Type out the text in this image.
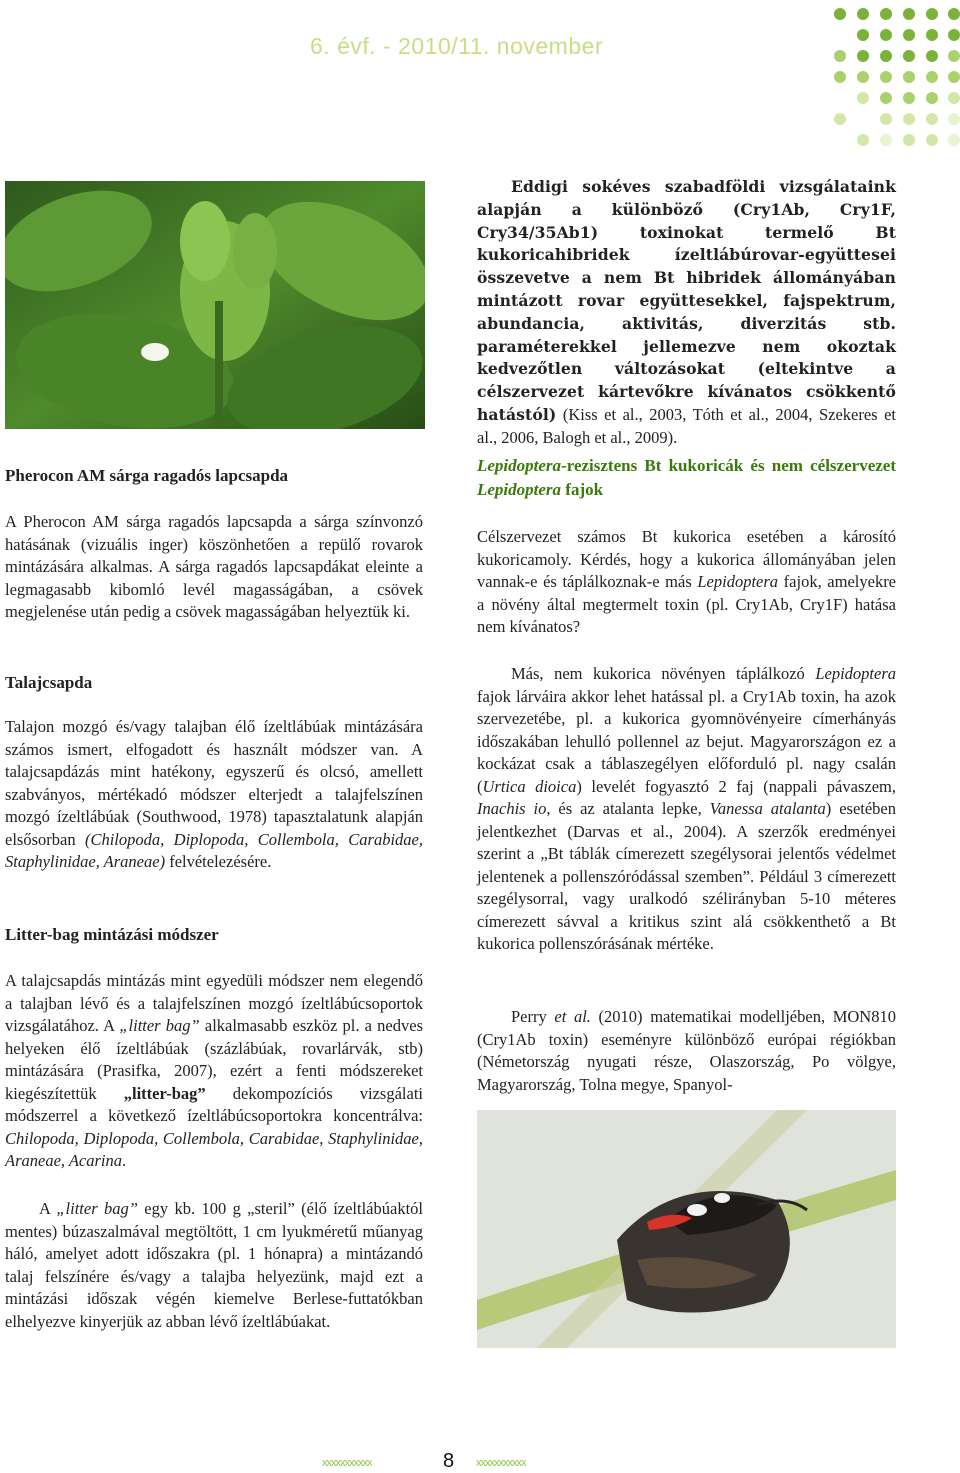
6. évf. - 2010/11. november
Pherocon AM sárga ragadós lapcsapda

A Pherocon AM sárga ragadós lapcsapda a sárga színvonzó hatásának (vizuális inger) köszönhetően a repülő rovarok mintázására alkalmas. A sárga ragadós lapcsapdákat eleinte a legmagasabb kibomló levél magasságában, a csövek megjelenése után pedig a csövek magasságában helyeztük ki.

Talajcsapda

Talajon mozgó és/vagy talajban élő ízeltlábúak mintázására számos ismert, elfogadott és használt módszer van. A talajcsapdázás mint hatékony, egyszerű és olcsó, amellett szabványos, mértékadó módszer elterjedt a talajfelszínen mozgó ízeltlábúak (Southwood, 1978) tapasztalatunk alapján elsősorban (Chilopoda, Diplopoda, Collembola, Carabidae, Staphylinidae, Araneae) felvételezésére.

Litter-bag mintázási módszer

A talajcsapdás mintázás mint egyedüli módszer nem elegendő a talajban lévő és a talajfelszínen mozgó ízeltlábúcsoportok vizsgálatához. A „litter bag” alkalmasabb eszköz pl. a nedves helyeken élő ízeltlábúak (százlábúak, rovarlárvák, stb) mintázására (Prasifka, 2007), ezért a fenti módszereket kiegészítettük „litter-bag” dekompozíciós vizsgálati módszerrel a következő ízeltlábúcsoportokra koncentrálva: Chilopoda, Diplopoda, Collembola, Carabidae, Staphylinidae, Araneae, Acarina.

A „litter bag” egy kb. 100 g „steril” (élő ízeltlábúaktól mentes) búzaszalmával megtöltött, 1 cm lyukméretű műanyag háló, amelyet adott időszakra (pl. 1 hónapra) a mintázandó talaj felszínére és/vagy a talajba helyezünk, majd ezt a mintázási időszak végén kiemelve Berlese-futtatókban elhelyezve kinyerjük az abban lévő ízeltlábúakat.

Eddigi sokéves szabadföldi vizsgálataink alapján a különböző (Cry1Ab, Cry1F, Cry34/35Ab1) toxinokat termelő Bt kukoricahibridek ízeltlábúrovar-együttesei összevetve a nem Bt hibridek állományában mintázott rovar együttesekkel, fajspektrum, abundancia, aktivitás, diverzitás stb. paraméterekkel jellemezve nem okoztak kedvezőtlen változásokat (eltekintve a célszervezet kártevőkre kívánatos csökkentő hatástól) (Kiss et al., 2003, Tóth et al., 2004, Szekeres et al., 2006, Balogh et al., 2009).

Lepidoptera-rezisztens Bt kukoricák és nem célszervezet Lepidoptera fajok

Célszervezet számos Bt kukorica esetében a károsító kukoricamoly. Kérdés, hogy a kukorica állományában jelen vannak-e és táplálkoznak-e más Lepidoptera fajok, amelyekre a növény által megtermelt toxin (pl. Cry1Ab, Cry1F) hatása nem kívánatos?

Más, nem kukorica növényen táplálkozó Lepidoptera fajok lárváira akkor lehet hatással pl. a Cry1Ab toxin, ha azok szervezetébe, pl. a kukorica gyomnövényeire címerhányás időszakában lehulló pollennel az bejut. Magyarországon ez a kockázat csak a táblaszegélyen előforduló pl. nagy csalán (Urtica dioica) levelét fogyasztó 2 faj (nappali pávaszem, Inachis io, és az atalanta lepke, Vanessa atalanta) esetében jelentkezhet (Darvas et al., 2004). A szerzők eredményei szerint a „Bt táblák címerezett szegélysorai jelentős védelmet jelentenek a pollenszóródással szemben”. Például 3 címerezett szegélysorral, vagy uralkodó szélirányban 5-10 méteres címerezett sávval a kritikus szint alá csökkenthető a Bt kukorica pollenszórásának mértéke.

Perry et al. (2010) matematikai modelljében, MON810 (Cry1Ab toxin) eseményre különböző európai régiókban (Németország nyugati része, Olaszország, Po völgye, Magyarország, Tolna megye, Spanyol-

xxxxxxxxxxx	8 xxxxxxxxxxx
